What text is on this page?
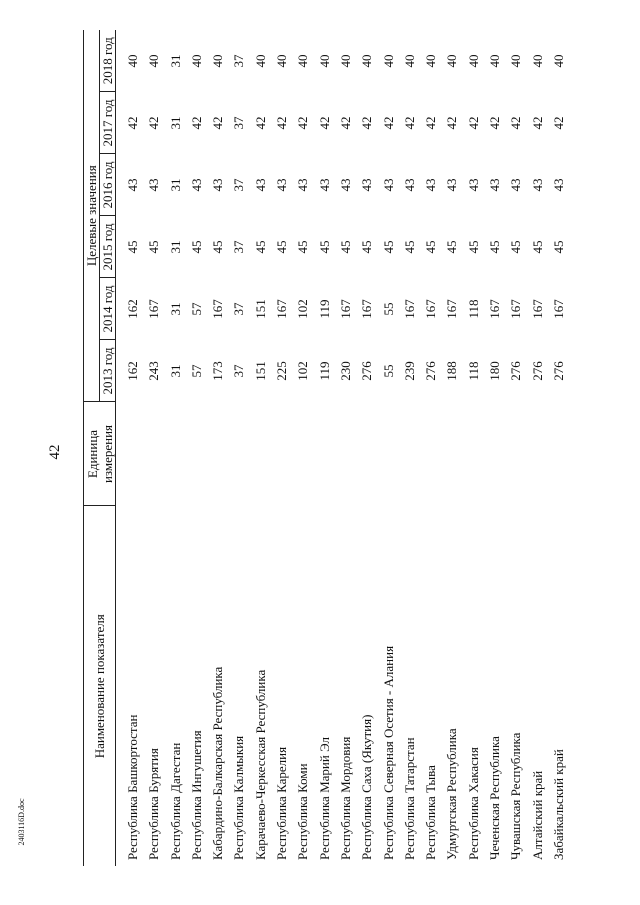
42
2403116D.doc
Наименование показателя	Единица измерения	Целевые значения					
		2013 год	2014 год	2015 год	2016 год	2017 год	2018 год
Республика Башкортостан		162	162	45	43	42	40
Республика Бурятия		243	167	45	43	42	40
Республика Дагестан		31	31	31	31	31	31
Республика Ингушетия		57	57	45	43	42	40
Кабардино-Балкарская Республика		173	167	45	43	42	40
Республика Калмыкия		37	37	37	37	37	37
Карачаево-Черкесская Республика		151	151	45	43	42	40
Республика Карелия		225	167	45	43	42	40
Республика Коми		102	102	45	43	42	40
Республика Марий Эл		119	119	45	43	42	40
Республика Мордовия		230	167	45	43	42	40
Республика Саха (Якутия)		276	167	45	43	42	40
Республика Северная Осетия - Алания		55	55	45	43	42	40
Республика Татарстан		239	167	45	43	42	40
Республика Тыва		276	167	45	43	42	40
Удмуртская Республика		188	167	45	43	42	40
Республика Хакасия		118	118	45	43	42	40
Чеченская Республика		180	167	45	43	42	40
Чувашская Республика		276	167	45	43	42	40
Алтайский край		276	167	45	43	42	40
Забайкальский край		276	167	45	43	42	40
